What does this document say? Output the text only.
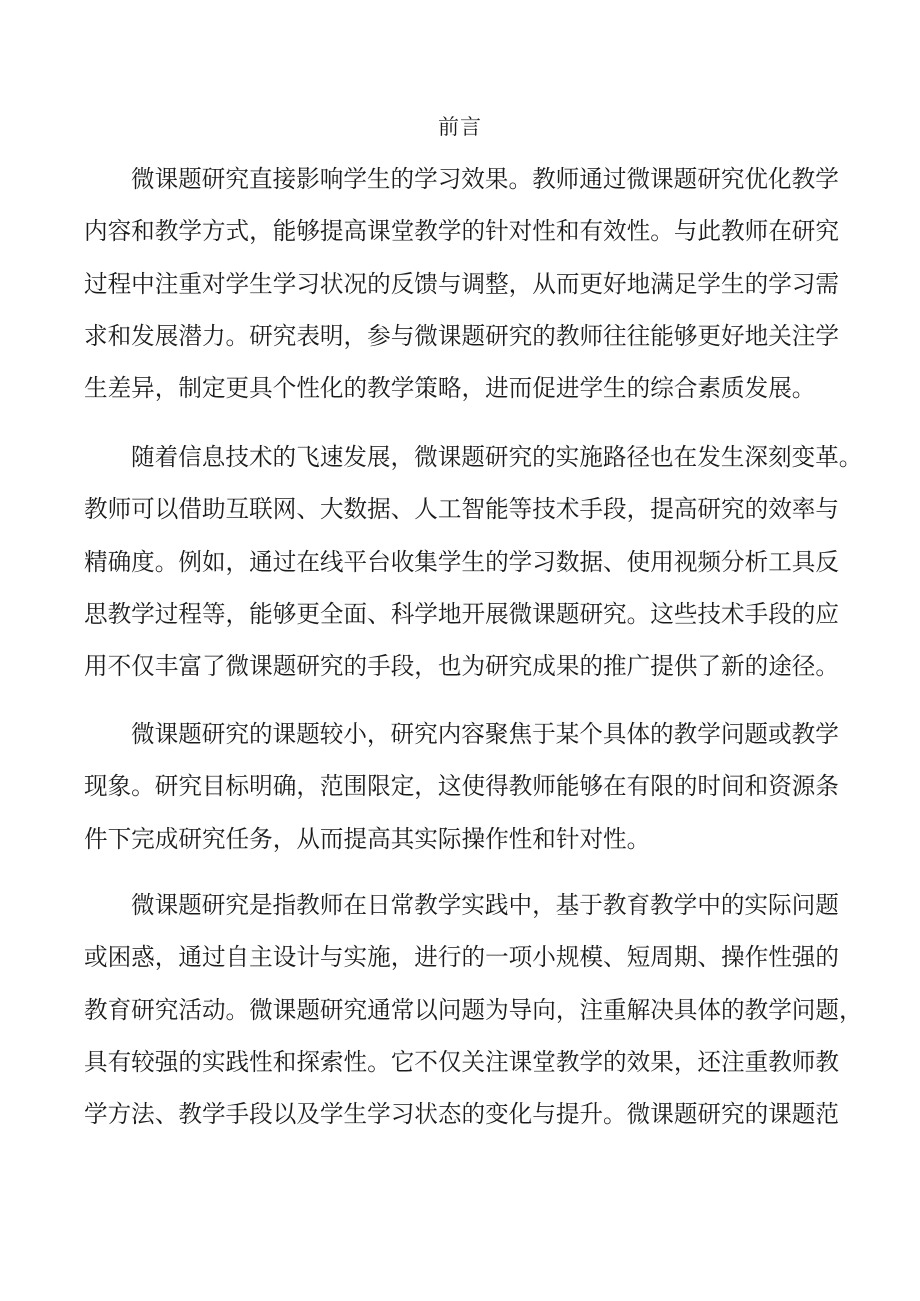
前言
微课题研究直接影响学生的学习效果。教师通过微课题研究优化教学
内容和教学方式，能够提高课堂教学的针对性和有效性。与此教师在研究
过程中注重对学生学习状况的反馈与调整，从而更好地满足学生的学习需
求和发展潜力。研究表明，参与微课题研究的教师往往能够更好地关注学
生差异，制定更具个性化的教学策略，进而促进学生的综合素质发展。
随着信息技术的飞速发展，微课题研究的实施路径也在发生深刻变革。
教师可以借助互联网、大数据、人工智能等技术手段，提高研究的效率与
精确度。例如，通过在线平台收集学生的学习数据、使用视频分析工具反
思教学过程等，能够更全面、科学地开展微课题研究。这些技术手段的应
用不仅丰富了微课题研究的手段，也为研究成果的推广提供了新的途径。
微课题研究的课题较小，研究内容聚焦于某个具体的教学问题或教学
现象。研究目标明确，范围限定，这使得教师能够在有限的时间和资源条
件下完成研究任务，从而提高其实际操作性和针对性。
微课题研究是指教师在日常教学实践中，基于教育教学中的实际问题
或困惑，通过自主设计与实施，进行的一项小规模、短周期、操作性强的
教育研究活动。微课题研究通常以问题为导向，注重解决具体的教学问题，
具有较强的实践性和探索性。它不仅关注课堂教学的效果，还注重教师教
学方法、教学手段以及学生学习状态的变化与提升。微课题研究的课题范
